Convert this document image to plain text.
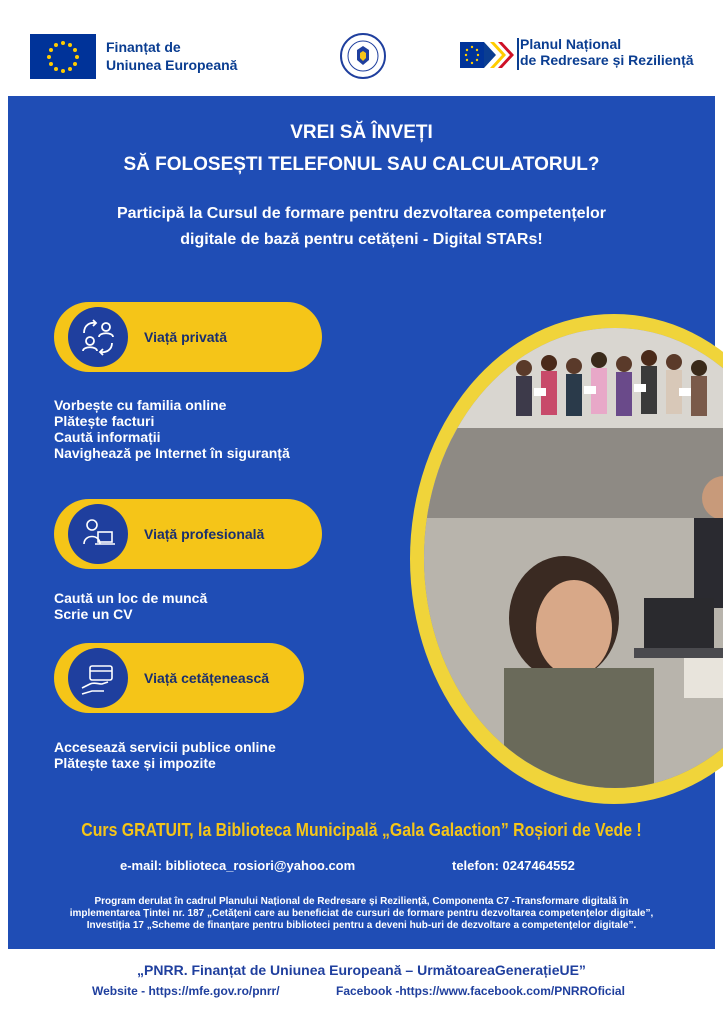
Finanțat de
Uniunea Europeană
Planul Național
de Redresare și Reziliență
VREI SĂ ÎNVEȚI
SĂ FOLOSEȘTI TELEFONUL SAU CALCULATORUL?
Participă la Cursul de formare pentru dezvoltarea competențelor
digitale de bază pentru cetățeni - Digital STARs!
Viață privată
Vorbește cu familia online
Plătește facturi
Caută informații
Navighează pe Internet în siguranță
Viață profesională
Caută un loc de muncă
Scrie un CV
Viață cetățenească
Accesează servicii publice online
Plătește taxe și impozite
Curs GRATUIT, la Biblioteca Municipală „Gala Galaction” Roșiori de Vede !
e-mail: biblioteca_rosiori@yahoo.com	telefon: 0247464552
Program derulat în cadrul Planului Național de Redresare și Reziliență, Componenta C7 -Transformare digitală în
implementarea Țintei nr. 187 „Cetățeni care au beneficiat de cursuri de formare pentru dezvoltarea competențelor digitale”,
Investiția 17 „Scheme de finanțare pentru biblioteci pentru a deveni hub-uri de dezvoltare a competențelor digitale”.
„PNRR. Finanțat de Uniunea Europeană – UrmătoareaGenerațieUE”
Website - https://mfe.gov.ro/pnrr/	Facebook -https://www.facebook.com/PNRROficial
